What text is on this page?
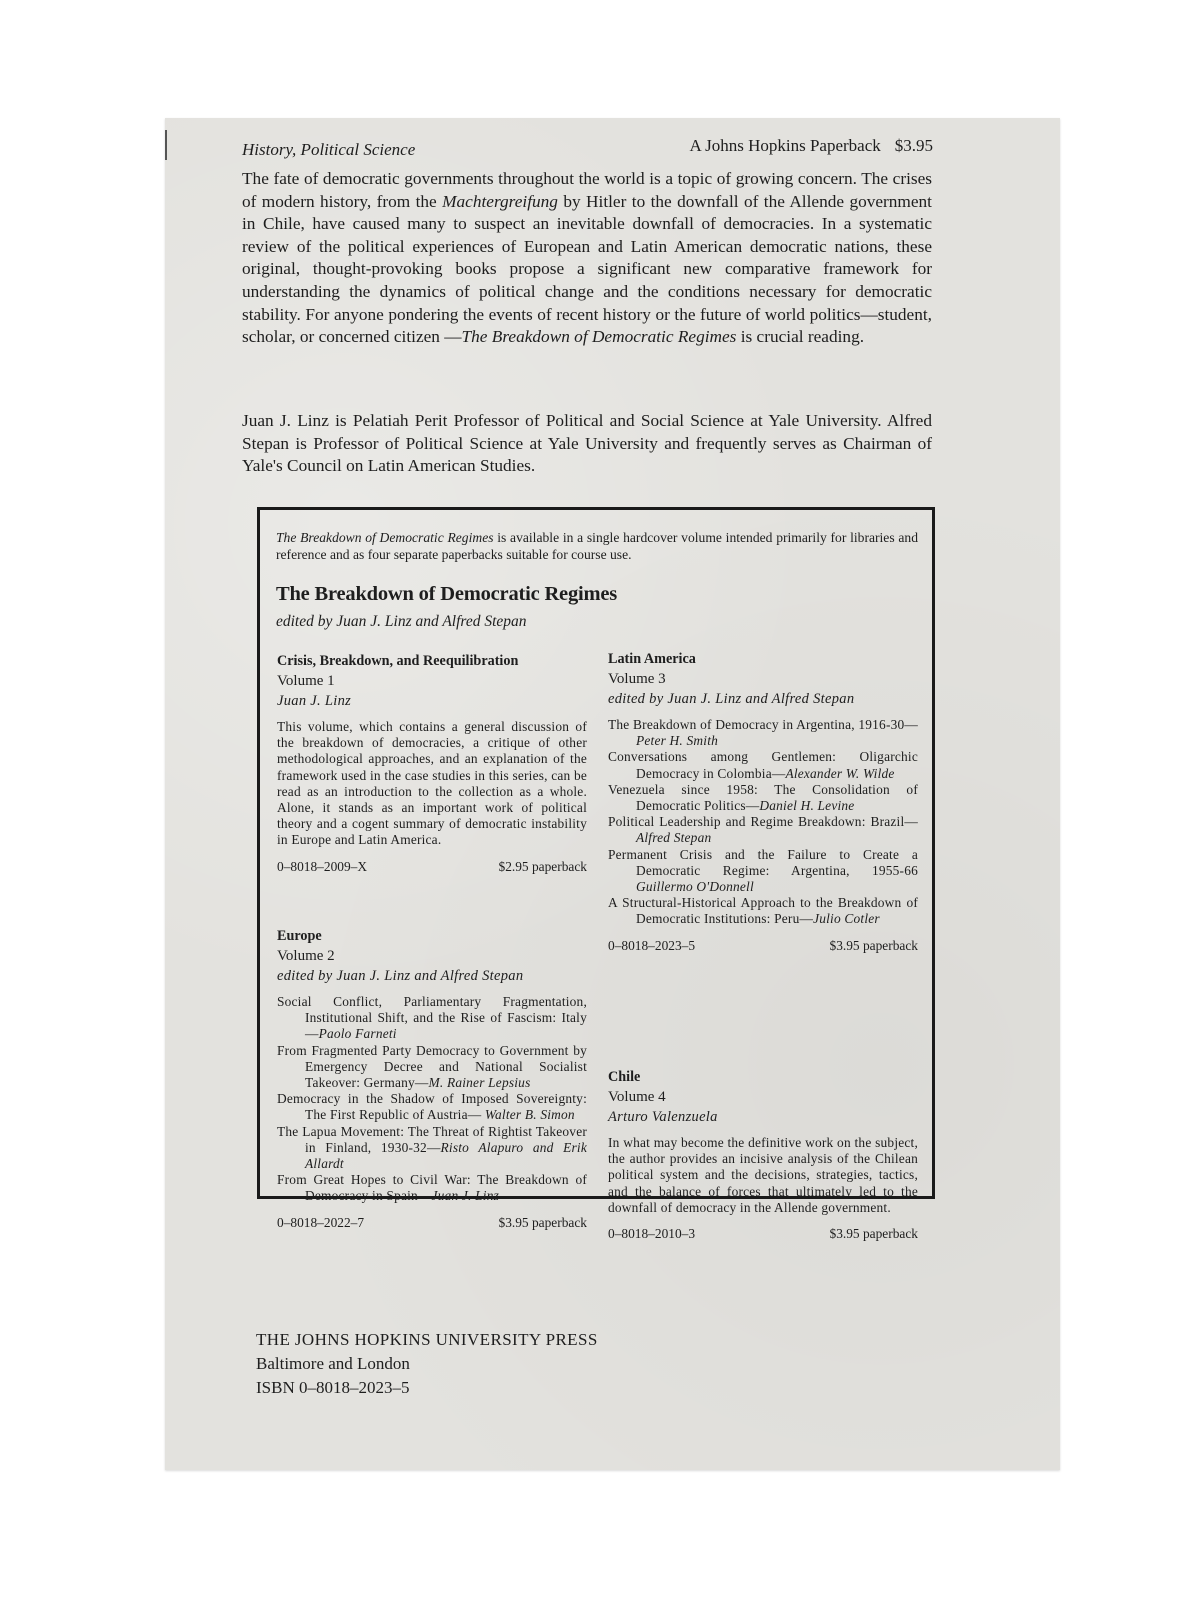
History, Political Science	A Johns Hopkins Paperback $3.95

The fate of democratic governments throughout the world is a topic of growing concern. The crises of modern history, from the Machtergreifung by Hitler to the downfall of the Allende government in Chile, have caused many to suspect an inevitable downfall of democracies. In a systematic review of the political experiences of European and Latin American democratic nations, these original, thought-provoking books propose a significant new comparative framework for understanding the dynamics of political change and the conditions necessary for democratic stability. For anyone pondering the events of recent history or the future of world politics—student, scholar, or concerned citizen —The Breakdown of Democratic Regimes is crucial reading.

Juan J. Linz is Pelatiah Perit Professor of Political and Social Science at Yale University. Alfred Stepan is Professor of Political Science at Yale University and frequently serves as Chairman of Yale's Council on Latin American Studies.
The Breakdown of Democratic Regimes is available in a single hardcover volume intended primarily for libraries and reference and as four separate paperbacks suitable for course use.
The Breakdown of Democratic Regimes
edited by Juan J. Linz and Alfred Stepan
Crisis, Breakdown, and Reequilibration
Volume 1
Juan J. Linz
This volume, which contains a general discussion of the breakdown of democracies, a critique of other methodological approaches, and an explanation of the framework used in the case studies in this series, can be read as an introduction to the collection as a whole. Alone, it stands as an important work of political theory and a cogent summary of democratic instability in Europe and Latin America.
0–8018–2009–X	$2.95 paperback
Europe
Volume 2
edited by Juan J. Linz and Alfred Stepan
Social Conflict, Parliamentary Fragmentation, Institutional Shift, and the Rise of Fascism: Italy—Paolo Farneti
From Fragmented Party Democracy to Government by Emergency Decree and National Socialist Takeover: Germany—M. Rainer Lepsius
Democracy in the Shadow of Imposed Sovereignty: The First Republic of Austria— Walter B. Simon
The Lapua Movement: The Threat of Rightist Takeover in Finland, 1930-32—Risto Alapuro and Erik Allardt
From Great Hopes to Civil War: The Breakdown of Democracy in Spain—Juan J. Linz
0–8018–2022–7	$3.95 paperback
Latin America
Volume 3
edited by Juan J. Linz and Alfred Stepan
The Breakdown of Democracy in Argentina, 1916-30—Peter H. Smith
Conversations among Gentlemen: Oligarchic Democracy in Colombia—Alexander W. Wilde
Venezuela since 1958: The Consolidation of Democratic Politics—Daniel H. Levine
Political Leadership and Regime Breakdown: Brazil—Alfred Stepan
Permanent Crisis and the Failure to Create a Democratic Regime: Argentina, 1955-66 Guillermo O'Donnell
A Structural-Historical Approach to the Breakdown of Democratic Institutions: Peru—Julio Cotler
0–8018–2023–5	$3.95 paperback
Chile
Volume 4
Arturo Valenzuela
In what may become the definitive work on the subject, the author provides an incisive analysis of the Chilean political system and the decisions, strategies, tactics, and the balance of forces that ultimately led to the downfall of democracy in the Allende government.
0–8018–2010–3	$3.95 paperback
THE JOHNS HOPKINS UNIVERSITY PRESS
Baltimore and London
ISBN 0–8018–2023–5
